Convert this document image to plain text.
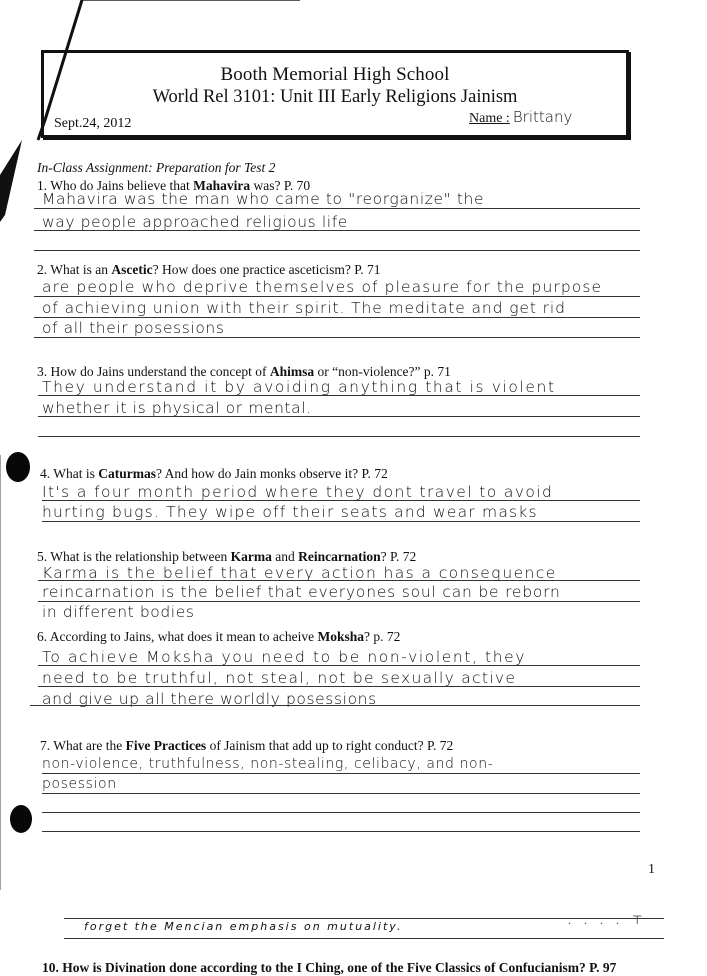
Booth Memorial High School
World Rel 3101: Unit III Early Religions Jainism
Sept.24, 2012	Name : Brittany
In-Class Assignment: Preparation for Test 2
1. Who do Jains believe that Mahavira was? P. 70
Mahavira was the man who came to "reorganize" the
way people approached religious life
2. What is an Ascetic? How does one practice asceticism? P. 71
are people who deprive themselves of pleasure for the purpose
of achieving union with their spirit. The meditate and get rid
of all their posessions
3. How do Jains understand the concept of Ahimsa or “non-violence?” p. 71
They understand it by avoiding anything that is violent
whether it is physical or mental.
4. What is Caturmas? And how do Jain monks observe it? P. 72
It's a four month period where they dont travel to avoid
hurting bugs. They wipe off their seats and wear masks
5. What is the relationship between Karma and Reincarnation? P. 72
Karma is the belief that every action has a consequence
reincarnation is the belief that everyones soul can be reborn
in different bodies
6. According to Jains, what does it mean to acheive Moksha? p. 72
To achieve Moksha you need to be non-violent, they
need to be truthful, not steal, not be sexually active
and give up all there worldly posessions
7. What are the Five Practices of Jainism that add up to right conduct? P. 72
non-violence, truthfulness, non-stealing, celibacy, and non-
posession
1
. . . . ⊤
forget the Mencian emphasis on mutuality.
10. How is Divination done according to the I Ching, one of the Five Classics of Confucianism? P. 97
